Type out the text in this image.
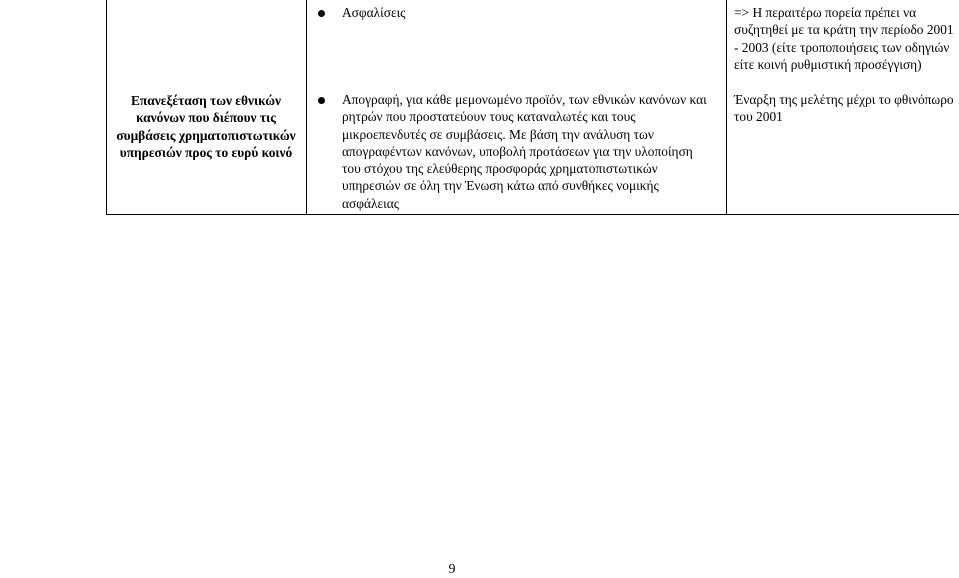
Επανεξέταση των εθνικών κανόνων που διέπουν τις συμβάσεις χρηματοπιστωτικών υπηρεσιών προς το ευρύ κοινό
Ασφαλίσεις
Απογραφή, για κάθε μεμονωμένο προϊόν, των εθνικών κανόνων και ρητρών που προστατεύουν τους καταναλωτές και τους μικροεπενδυτές σε συμβάσεις. Με βάση την ανάλυση των απογραφέντων κανόνων, υποβολή προτάσεων για την υλοποίηση του στόχου της ελεύθερης προσφοράς χρηματοπιστωτικών υπηρεσιών σε όλη την Ένωση κάτω από συνθήκες νομικής ασφάλειας
=> Η περαιτέρω πορεία πρέπει να συζητηθεί με τα κράτη την περίοδο 2001 - 2003 (είτε τροποποιήσεις των οδηγιών είτε κοινή ρυθμιστική προσέγγιση)
Έναρξη της μελέτης μέχρι το φθινόπωρο του 2001
9
